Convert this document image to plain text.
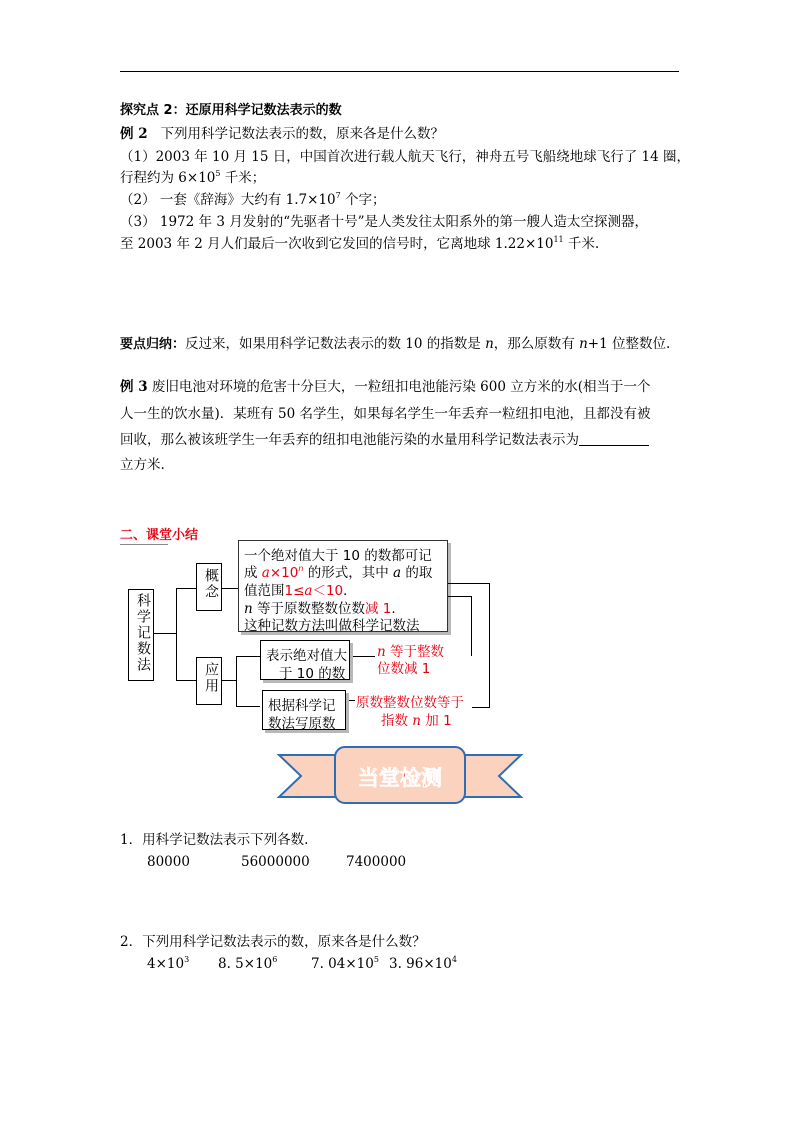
探究点 2：还原用科学记数法表示的数
例 2 下列用科学记数法表示的数，原来各是什么数？
（1）2003 年 10 月 15 日，中国首次进行载人航天飞行，神舟五号飞船绕地球飞行了 14 圈，
行程约为 $6\times 10^5$ 千米；
（2） 一套《辞海》大约有 $1.7\times 10^7$ 个字；
（3） 1972 年 3 月发射的“先驱者十号”是人类发往太阳系外的第一艘人造太空探测器，
至 2003 年 2 月人们最后一次收到它发回的信号时，它离地球 $1.22\times 10^{11}$ 千米.
要点归纳：反过来，如果用科学记数法表示的数 10 的指数是 n，那么原数有 n+1 位整数位.
例 3 废旧电池对环境的危害十分巨大，一粒纽扣电池能污染 600 立方米的水(相当于一个
人一生的饮水量)．某班有 50 名学生，如果每名学生一年丢弃一粒纽扣电池，且都没有被
回收，那么被该班学生一年丢弃的纽扣电池能污染的水量用科学记数法表示为
立方米.
二、课堂小结
科学记数法
概念
应用
一个绝对值大于 10 的数都可记
成 $a\times 10^n$ 的形式，其中 a 的取
值范围1≤a＜10．
n 等于原数整数位数减 1.
这种记数方法叫做科学记数法
表示绝对值大
于 10 的数
n 等于整数
位数减 1
根据科学记
数法写原数
原数整数位数等于
指数 n 加 1
当堂检测
1．用科学记数法表示下列各数.
80000	56000000	7400000
2．下列用科学记数法表示的数，原来各是什么数？
$4\times 10^3$ 8. $5\times 10^6$ 7. $04\times 10^5$ 3. $96\times 10^4$
